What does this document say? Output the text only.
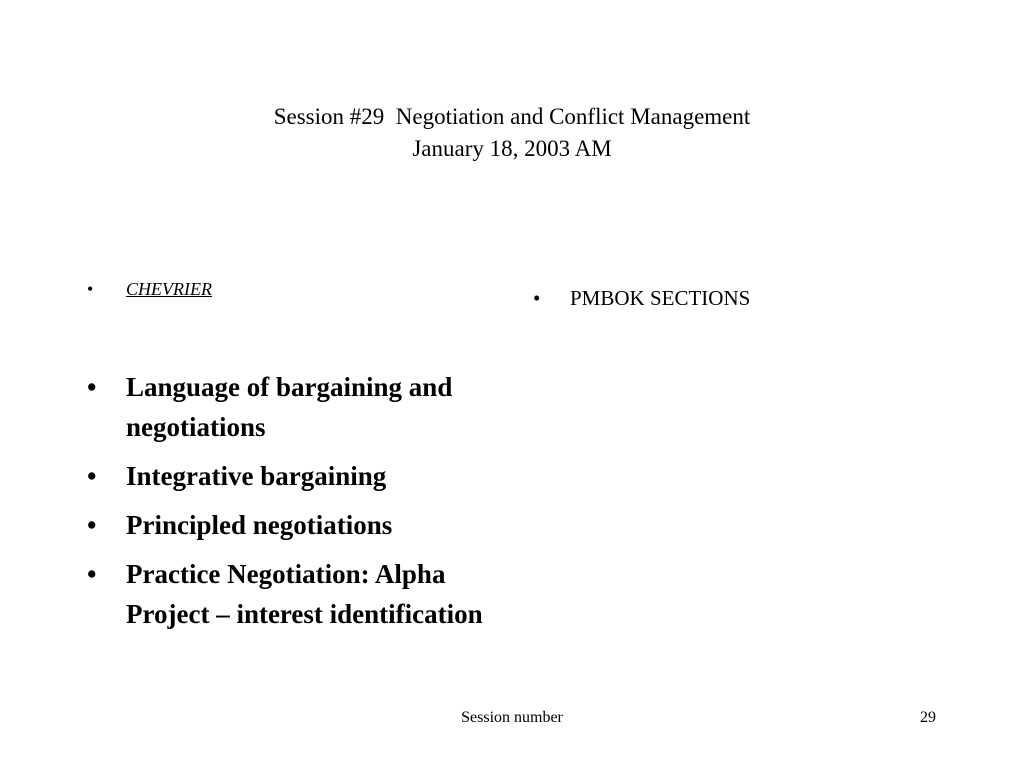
Session #29  Negotiation and Conflict Management
January 18, 2003 AM
• CHEVRIER
• Language of bargaining and negotiations
• Integrative bargaining
• Principled negotiations
• Practice Negotiation: Alpha Project – interest identification
• PMBOK SECTIONS
Session number	29
